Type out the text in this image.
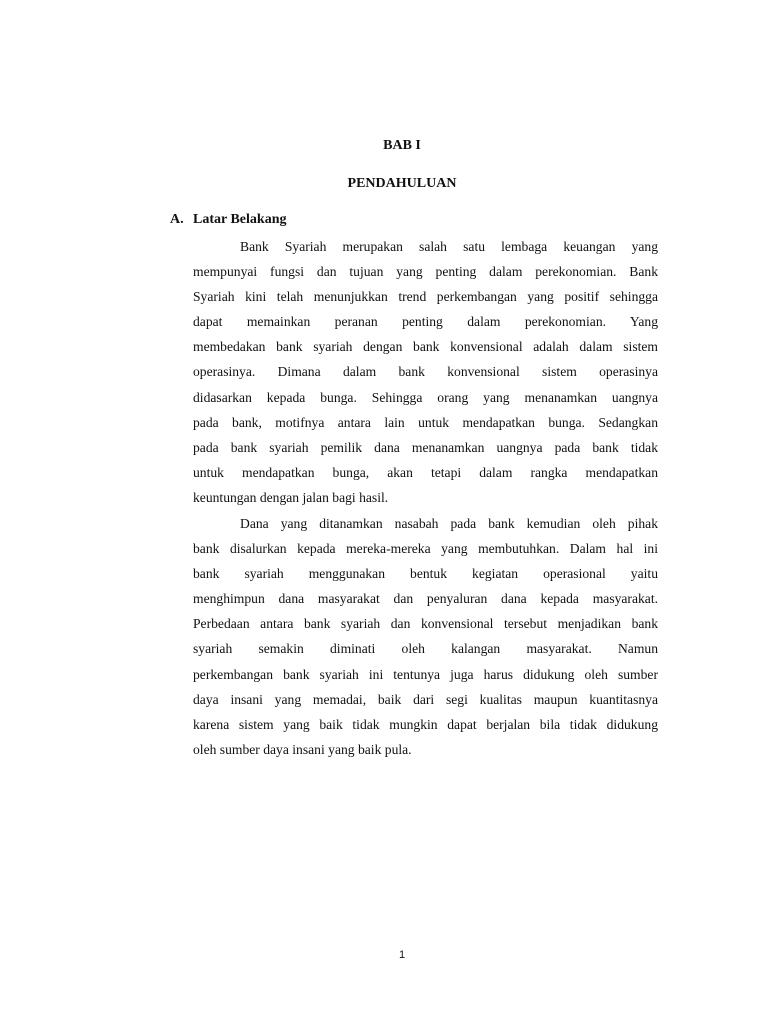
BAB I
PENDAHULUAN
A. Latar Belakang
Bank Syariah merupakan salah satu lembaga keuangan yang
mempunyai fungsi dan tujuan yang penting dalam perekonomian. Bank
Syariah kini telah menunjukkan trend perkembangan yang positif sehingga
dapat memainkan peranan penting dalam perekonomian. Yang
membedakan bank syariah dengan bank konvensional adalah dalam sistem
operasinya. Dimana dalam bank konvensional sistem operasinya
didasarkan kepada bunga. Sehingga orang yang menanamkan uangnya
pada bank, motifnya antara lain untuk mendapatkan bunga. Sedangkan
pada bank syariah pemilik dana menanamkan uangnya pada bank tidak
untuk mendapatkan bunga, akan tetapi dalam rangka mendapatkan
keuntungan dengan jalan bagi hasil.
Dana yang ditanamkan nasabah pada bank kemudian oleh pihak
bank disalurkan kepada mereka-mereka yang membutuhkan. Dalam hal ini
bank syariah menggunakan bentuk kegiatan operasional yaitu
menghimpun dana masyarakat dan penyaluran dana kepada masyarakat.
Perbedaan antara bank syariah dan konvensional tersebut menjadikan bank
syariah semakin diminati oleh kalangan masyarakat. Namun
perkembangan bank syariah ini tentunya juga harus didukung oleh sumber
daya insani yang memadai, baik dari segi kualitas maupun kuantitasnya
karena sistem yang baik tidak mungkin dapat berjalan bila tidak didukung
oleh sumber daya insani yang baik pula.
1
